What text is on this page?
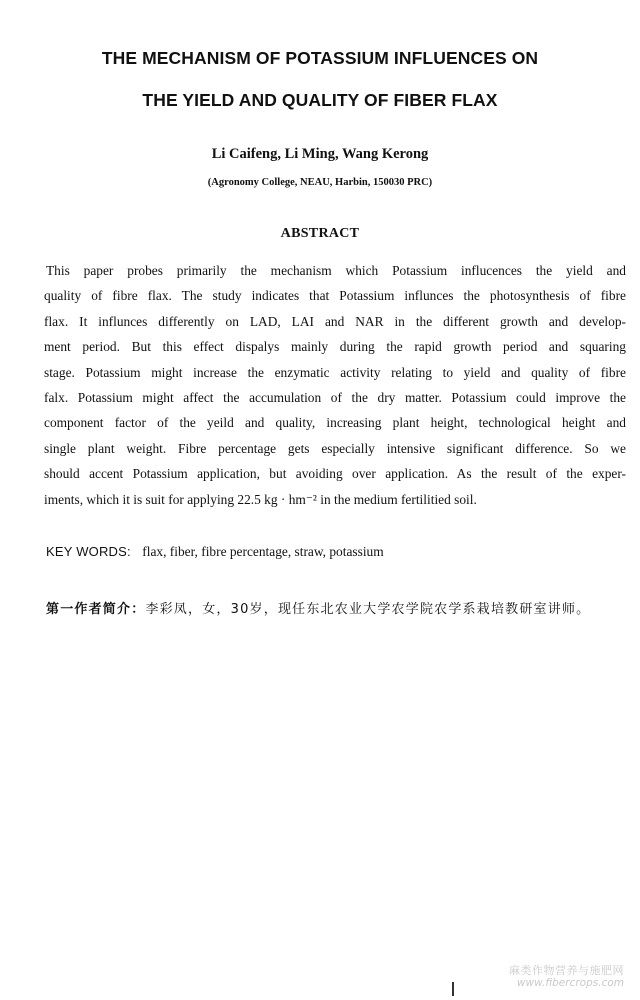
THE MECHANISM OF POTASSIUM INFLUENCES ON
THE YIELD AND QUALITY OF FIBER FLAX
Li Caifeng, Li Ming, Wang Kerong
(Agronomy College, NEAU, Harbin, 150030 PRC)
ABSTRACT
This paper probes primarily the mechanism which Potassium influcences the yield and
quality of fibre flax. The study indicates that Potassium influnces the photosynthesis of fibre
flax. It influnces differently on LAD, LAI and NAR in the different growth and develop-
ment period. But this effect dispalys mainly during the rapid growth period and squaring
stage. Potassium might increase the enzymatic activity relating to yield and quality of fibre
falx. Potassium might affect the accumulation of the dry matter. Potassium could improve the
component factor of the yeild and quality, increasing plant height, technological height and
single plant weight. Fibre percentage gets especially intensive significant difference. So we
should accent Potassium application, but avoiding over application. As the result of the exper-
iments, which it is suit for applying 22.5 kg · hm⁻² in the medium fertilitied soil.
KEY WORDS: flax, fiber, fibre percentage, straw, potassium
第一作者简介：李彩凤，女，30岁，现任东北农业大学农学院农学系栽培教研室讲师。
麻类作物营养与施肥网
www.fibercrops.com
